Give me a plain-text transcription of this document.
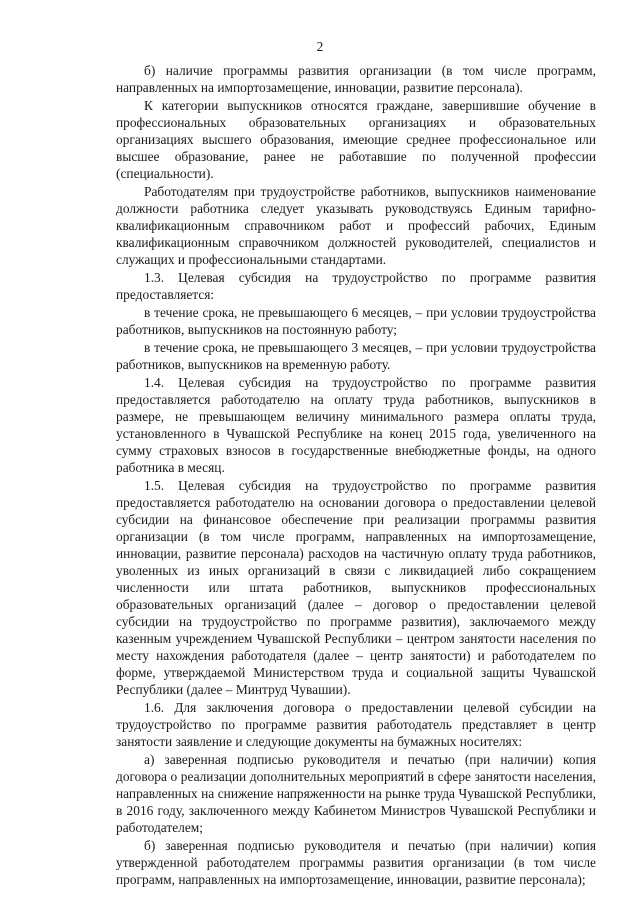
2

б) наличие программы развития организации (в том числе программ, направленных на импортозамещение, инновации, развитие персонала).

К категории выпускников относятся граждане, завершившие обучение в профессиональных образовательных организациях и образовательных организациях высшего образования, имеющие среднее профессиональное или высшее образование, ранее не работавшие по полученной профессии (специальности).

Работодателям при трудоустройстве работников, выпускников наименование должности работника следует указывать руководствуясь Единым тарифно-квалификационным справочником работ и профессий рабочих, Единым квалификационным справочником должностей руководителей, специалистов и служащих и профессиональными стандартами.

1.3. Целевая субсидия на трудоустройство по программе развития предоставляется:

в течение срока, не превышающего 6 месяцев, – при условии трудоустройства работников, выпускников на постоянную работу;

в течение срока, не превышающего 3 месяцев, – при условии трудоустройства работников, выпускников на временную работу.

1.4. Целевая субсидия на трудоустройство по программе развития предоставляется работодателю на оплату труда работников, выпускников в размере, не превышающем величину минимального размера оплаты труда, установленного в Чувашской Республике на конец 2015 года, увеличенного на сумму страховых взносов в государственные внебюджетные фонды, на одного работника в месяц.

1.5. Целевая субсидия на трудоустройство по программе развития предоставляется работодателю на основании договора о предоставлении целевой субсидии на финансовое обеспечение при реализации программы развития организации (в том числе программ, направленных на импортозамещение, инновации, развитие персонала) расходов на частичную оплату труда работников, уволенных из иных организаций в связи с ликвидацией либо сокращением численности или штата работников, выпускников профессиональных образовательных организаций (далее – договор о предоставлении целевой субсидии на трудоустройство по программе развития), заключаемого между казенным учреждением Чувашской Республики – центром занятости населения по месту нахождения работодателя (далее – центр занятости) и работодателем по форме, утверждаемой Министерством труда и социальной защиты Чувашской Республики (далее – Минтруд Чувашии).

1.6. Для заключения договора о предоставлении целевой субсидии на трудоустройство по программе развития работодатель представляет в центр занятости заявление и следующие документы на бумажных носителях:

а) заверенная подписью руководителя и печатью (при наличии) копия договора о реализации дополнительных мероприятий в сфере занятости населения, направленных на снижение напряженности на рынке труда Чувашской Республики, в 2016 году, заключенного между Кабинетом Министров Чувашской Республики и работодателем;

б) заверенная подписью руководителя и печатью (при наличии) копия утвержденной работодателем программы развития организации (в том числе программ, направленных на импортозамещение, инновации, развитие персонала);
